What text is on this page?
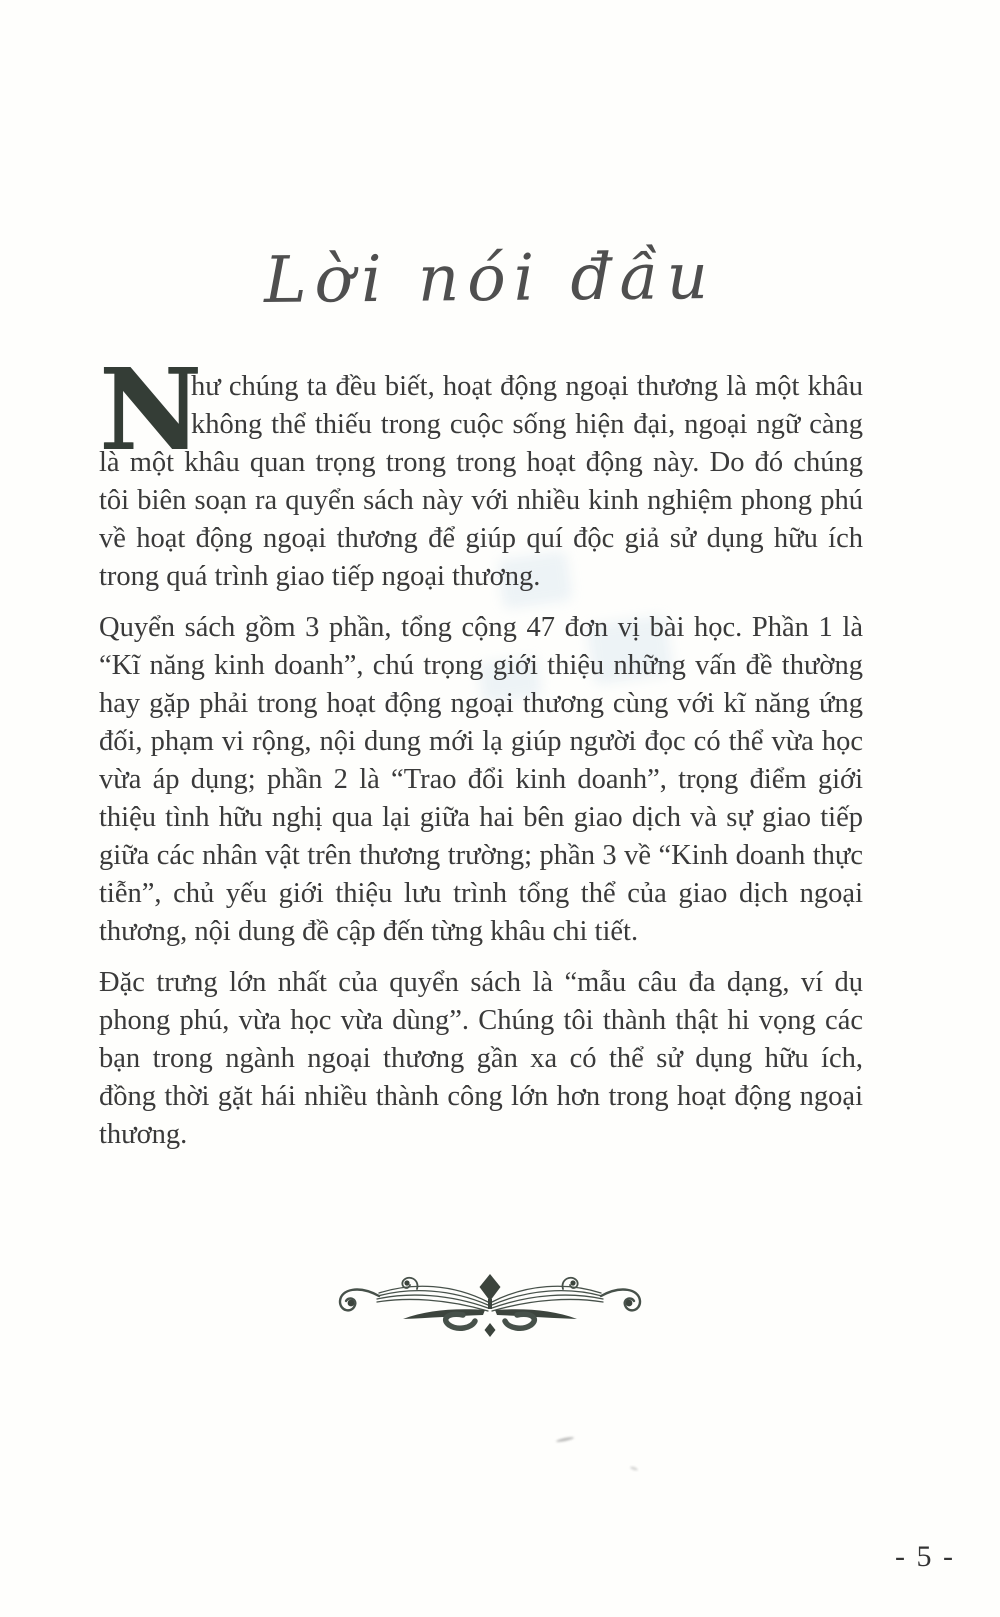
Lời nói đầu

N
hư chúng ta đều biết, hoạt động ngoại thương là một khâu không thể thiếu trong cuộc sống hiện đại, ngoại ngữ càng là một khâu quan trọng trong trong hoạt động này. Do đó chúng tôi biên soạn ra quyển sách này với nhiều kinh nghiệm phong phú về hoạt động ngoại thương để giúp quí độc giả sử dụng hữu ích trong quá trình giao tiếp ngoại thương.

Quyển sách gồm 3 phần, tổng cộng 47 đơn vị bài học. Phần 1 là “Kĩ năng kinh doanh”, chú trọng giới thiệu những vấn đề thường hay gặp phải trong hoạt động ngoại thương cùng với kĩ năng ứng đối, phạm vi rộng, nội dung mới lạ giúp người đọc có thể vừa học vừa áp dụng; phần 2 là “Trao đổi kinh doanh”, trọng điểm giới thiệu tình hữu nghị qua lại giữa hai bên giao dịch và sự giao tiếp giữa các nhân vật trên thương trường; phần 3 về “Kinh doanh thực tiễn”, chủ yếu giới thiệu lưu trình tổng thể của giao dịch ngoại thương, nội dung đề cập đến từng khâu chi tiết.

Đặc trưng lớn nhất của quyển sách là “mẫu câu đa dạng, ví dụ phong phú, vừa học vừa dùng”. Chúng tôi thành thật hi vọng các bạn trong ngành ngoại thương gần xa có thể sử dụng hữu ích, đồng thời gặt hái nhiều thành công lớn hơn trong hoạt động ngoại thương.

- 5 -
